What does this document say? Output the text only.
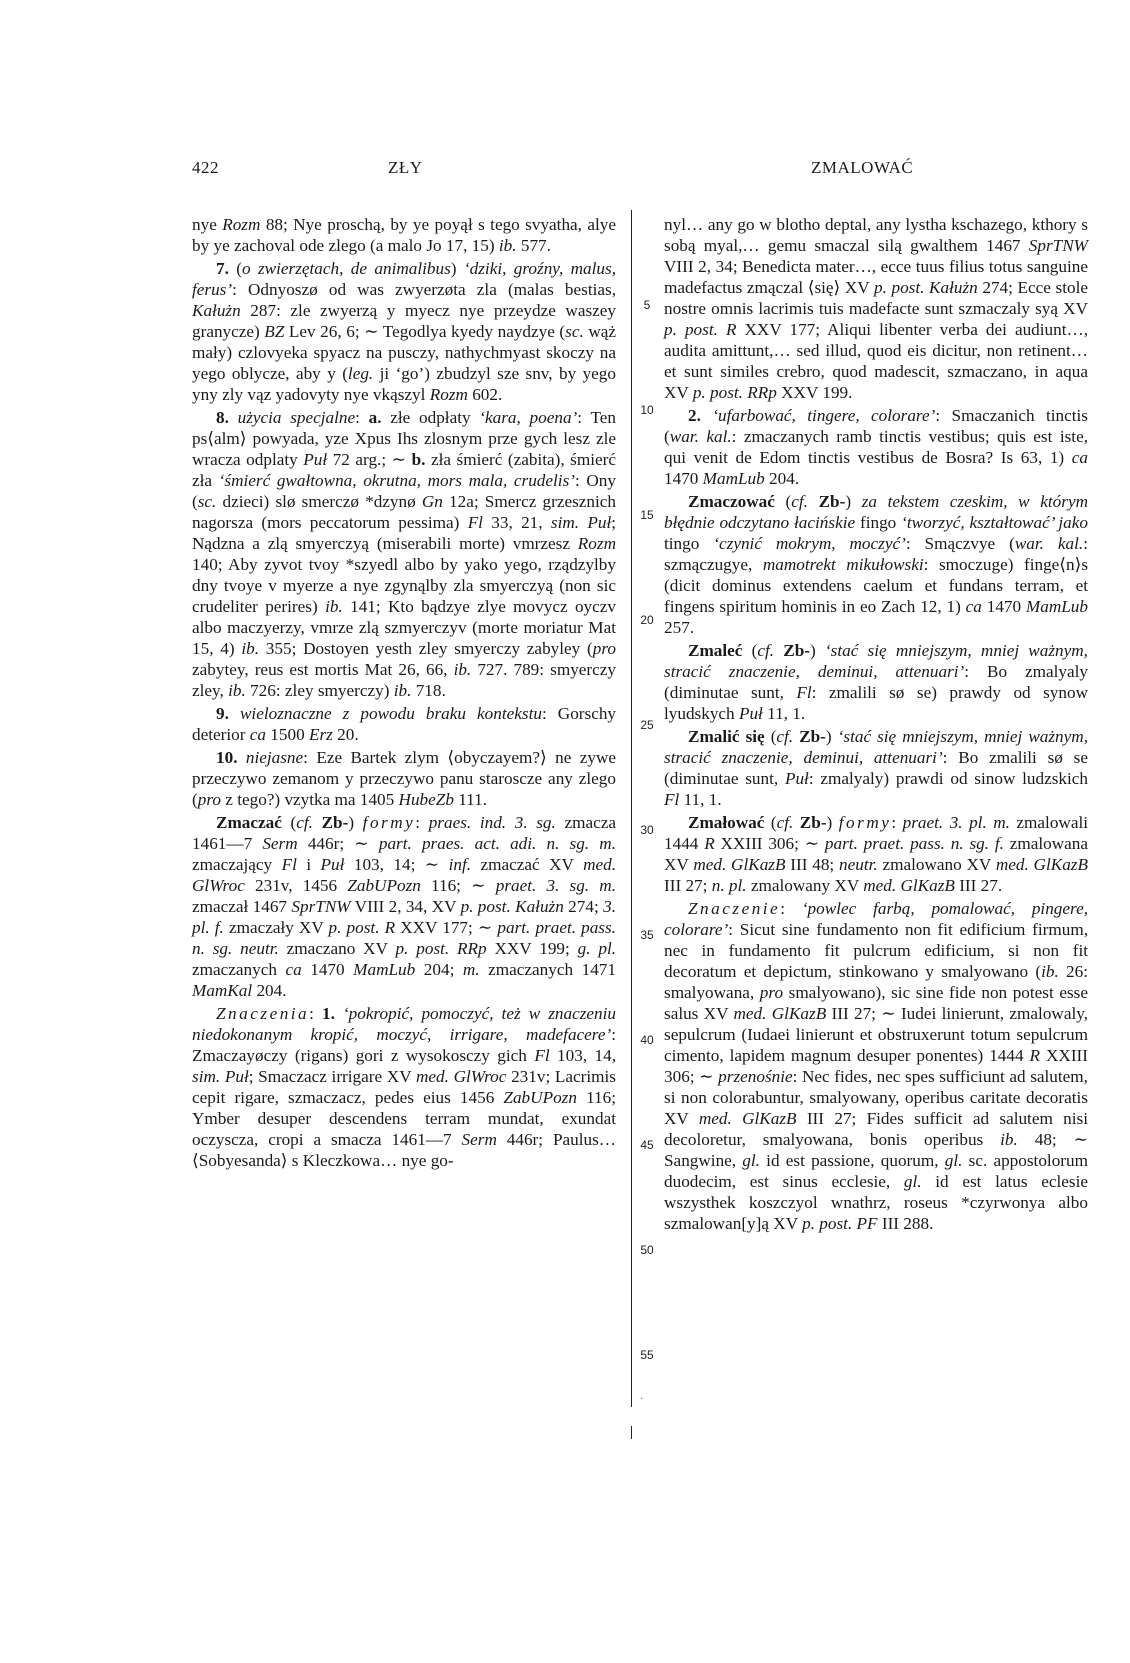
422	ZŁY	ZMALOWAĆ

nye Rozm 88; Nye proschą, by ye poyął s tego svyatha, alye by ye zachoval ode zlego (a malo Jo 17, 15) ib. 577.

7. (o zwierzętach, de animalibus) ‘dziki, groźny, malus, ferus’: Odnyoszø od was zwyerzøta zla (malas bestias, Kałużn 287: zle zwyerzą y myecz nye przeydze waszey granycze) BZ Lev 26, 6; ∼ Tegodlya kyedy naydzye (sc. wąż mały) czlovyeka spyacz na pusczy, nathychmyast skoczy na yego oblycze, aby y (leg. ji ‘go’) zbudzyl sze snv, by yego yny zly vąz yadovyty nye vkąszyl Rozm 602.

8. użycia specjalne: a. złe odpłaty ‘kara, poena’: Ten ps⟨alm⟩ powyada, yze Xpus Ihs zlosnym prze gych lesz zle wracza odplaty Puł 72 arg.; ∼ b. zła śmierć (zabita), śmierć zła ‘śmierć gwałtowna, okrutna, mors mala, crudelis’: Ony (sc. dzieci) slø smerczø *dzynø Gn 12a; Smercz grzesznich nagorsza (mors peccatorum pessima) Fl 33, 21, sim. Puł; Nądzna a zlą smyerczyą (miserabili morte) vmrzesz Rozm 140; Aby zyvot tvoy *szyedl albo by yako yego, rządzylby dny tvoye v myerze a nye zgynąlby zla smyerczyą (non sic crudeliter perires) ib. 141; Kto bądzye zlye movycz oyczv albo maczyerzy, vmrze zlą szmyerczyv (morte moriatur Mat 15, 4) ib. 355; Dostoyen yesth zley smyerczy zabyley (pro zabytey, reus est mortis Mat 26, 66, ib. 727. 789: smyerczy zley, ib. 726: zley smyerczy) ib. 718.

9. wieloznaczne z powodu braku kontekstu: Gorschy deterior ca 1500 Erz 20.

10. niejasne: Eze Bartek zlym ⟨obyczayem?⟩ ne zywe przeczywo zemanom y przeczywo panu staroscze any zlego (pro z tego?) vzytka ma 1405 HubeZb 111.

Zmaczać (cf. Zb-) formy: praes. ind. 3. sg. zmacza 1461—7 Serm 446r; ∼ part. praes. act. adi. n. sg. m. zmaczający Fl i Puł 103, 14; ∼ inf. zmaczać XV med. GlWroc 231v, 1456 ZabUPozn 116; ∼ praet. 3. sg. m. zmaczał 1467 SprTNW VIII 2, 34, XV p. post. Kałużn 274; 3. pl. f. zmaczały XV p. post. R XXV 177; ∼ part. praet. pass. n. sg. neutr. zmaczano XV p. post. RRp XXV 199; g. pl. zmaczanych ca 1470 MamLub 204; m. zmaczanych 1471 MamKal 204.

Znaczenia: 1. ‘pokropić, pomoczyć, też w znaczeniu niedokonanym kropić, moczyć, irrigare, madefacere’: Zmaczayøczy (rigans) gori z wysokosczy gich Fl 103, 14, sim. Puł; Smaczacz irrigare XV med. GlWroc 231v; Lacrimis cepit rigare, szmaczacz, pedes eius 1456 ZabUPozn 116; Ymber desuper descendens terram mundat, exundat oczyscza, cropi a smacza 1461—7 Serm 446r; Paulus… ⟨Sobyesanda⟩ s Kleczkowa… nye go-

5
10
15
20
25
30
35
40
45
50
55
·

nyl… any go w blotho deptal, any lystha kschazego, kthory s sobą myal,… gemu smaczal silą gwalthem 1467 SprTNW VIII 2, 34; Benedicta mater…, ecce tuus filius totus sanguine madefactus zmączal ⟨się⟩ XV p. post. Kałużn 274; Ecce stole nostre omnis lacrimis tuis madefacte sunt szmaczaly syą XV p. post. R XXV 177; Aliqui libenter verba dei audiunt…, audita amittunt,… sed illud, quod eis dicitur, non retinent… et sunt similes crebro, quod madescit, szmaczano, in aqua XV p. post. RRp XXV 199.

2. ‘ufarbować, tingere, colorare’: Smaczanich tinctis (war. kal.: zmaczanych ramb tinctis vestibus; quis est iste, qui venit de Edom tinctis vestibus de Bosra? Is 63, 1) ca 1470 MamLub 204.

Zmaczować (cf. Zb-) za tekstem czeskim, w którym błędnie odczytano łacińskie fingo ‘tworzyć, kształtować’ jako tingo ‘czynić mokrym, moczyć’: Smączvye (war. kal.: szmączugye, mamotrekt mikułowski: smoczuge) finge⟨n⟩s (dicit dominus extendens caelum et fundans terram, et fingens spiritum hominis in eo Zach 12, 1) ca 1470 MamLub 257.

Zmaleć (cf. Zb-) ‘stać się mniejszym, mniej ważnym, stracić znaczenie, deminui, attenuari’: Bo zmalyaly (diminutae sunt, Fl: zmalili sø se) prawdy od synow lyudskych Puł 11, 1.

Zmalić się (cf. Zb-) ‘stać się mniejszym, mniej ważnym, stracić znaczenie, deminui, attenuari’: Bo zmalili sø se (diminutae sunt, Puł: zmalyaly) prawdi od sinow ludzskich Fl 11, 1.

Zmałować (cf. Zb-) formy: praet. 3. pl. m. zmalowali 1444 R XXIII 306; ∼ part. praet. pass. n. sg. f. zmalowana XV med. GlKazB III 48; neutr. zmalowano XV med. GlKazB III 27; n. pl. zmalowany XV med. GlKazB III 27.

Znaczenie: ‘powlec farbą, pomalować, pingere, colorare’: Sicut sine fundamento non fit edificium firmum, nec in fundamento fit pulcrum edificium, si non fit decoratum et depictum, stinkowano y smalyowano (ib. 26: smalyowana, pro smalyowano), sic sine fide non potest esse salus XV med. GlKazB III 27; ∼ Iudei linierunt, zmalowaly, sepulcrum (Iudaei linierunt et obstruxerunt totum sepulcrum cimento, lapidem magnum desuper ponentes) 1444 R XXIII 306; ∼ przenośnie: Nec fides, nec spes sufficiunt ad salutem, si non colorabuntur, smalyowany, operibus caritate decoratis XV med. GlKazB III 27; Fides sufficit ad salutem nisi decoloretur, smalyowana, bonis operibus ib. 48; ∼ Sangwine, gl. id est passione, quorum, gl. sc. appostolorum duodecim, est sinus ecclesie, gl. id est latus eclesie wszysthek koszczyol wnathrz, roseus *czyrwonya albo szmalowan[y]ą XV p. post. PF III 288.
